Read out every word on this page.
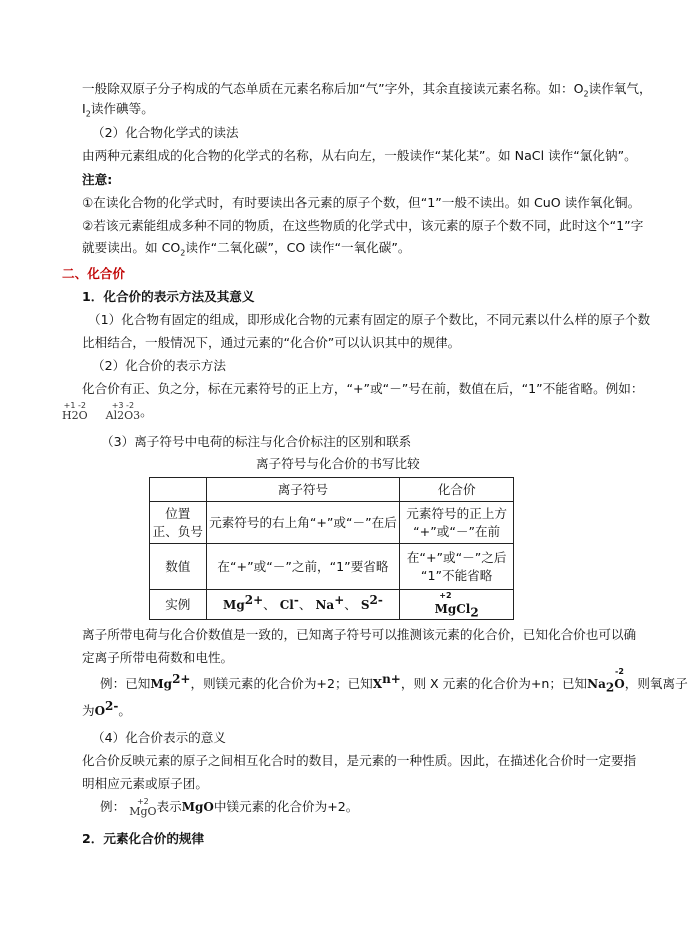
一般除双原子分子构成的气态单质在元素名称后加“气”字外，其余直接读元素名称。如：$O_2$读作氧气，
$I_2$读作碘等。
（2）化合物化学式的读法
由两种元素组成的化合物的化学式的名称，从右向左，一般读作“某化某”。如 NaCl 读作“氯化钠”。
注意:
①在读化合物的化学式时，有时要读出各元素的原子个数，但“1”一般不读出。如 CuO 读作氧化铜。
②若该元素能组成多种不同的物质，在这些物质的化学式中，该元素的原子个数不同，此时这个“1”字
就要读出。如 $CO_2$读作“二氧化碳”，CO 读作“一氧化碳”。
二、化合价
1．化合价的表示方法及其意义
（1）化合物有固定的组成，即形成化合物的元素有固定的原子个数比，不同元素以什么样的原子个数
比相结合，一般情况下，通过元素的“化合价”可以认识其中的规律。
（2）化合价的表示方法
化合价有正、负之分，标在元素符号的正上方，“+”或“－”号在前，数值在后，“1”不能省略。例如：
+1 -2
H2O

+3 -2
Al2O3 。
（3）离子符号中电荷的标注与化合价标注的区别和联系
离子符号与化合价的书写比较
	离子符号	化合价
位置
正、负号	元素符号的右上角“+”或“－”在后	元素符号的正上方
“+”或“－”在前
数值	在“+”或“－”之前，“1”要省略	在“+”或“－”之后
“1”不能省略
实例	$Mg^{2+}$、 Cl-、 Na+、 $S^{2-}$	+2
MgCl$_2$
离子所带电荷与化合价数值是一致的，已知离子符号可以推测该元素的化合价，已知化合价也可以确
定离子所带电荷数和电性。
例：已知$Mg^{2+}$，则镁元素的化合价为+2；已知$X^{n+}$，则 X 元素的化合价为+n；已知$Na_2$
-2
O，则氧离子
为$O^{2-}$。
（4）化合价表示的意义
化合价反映元素的原子之间相互化合时的数目，是元素的一种性质。因此，在描述化合价时一定要指
明相应元素或原子团。
例：	+2
MgO 表示MgO中镁元素的化合价为+2。
2．元素化合价的规律
